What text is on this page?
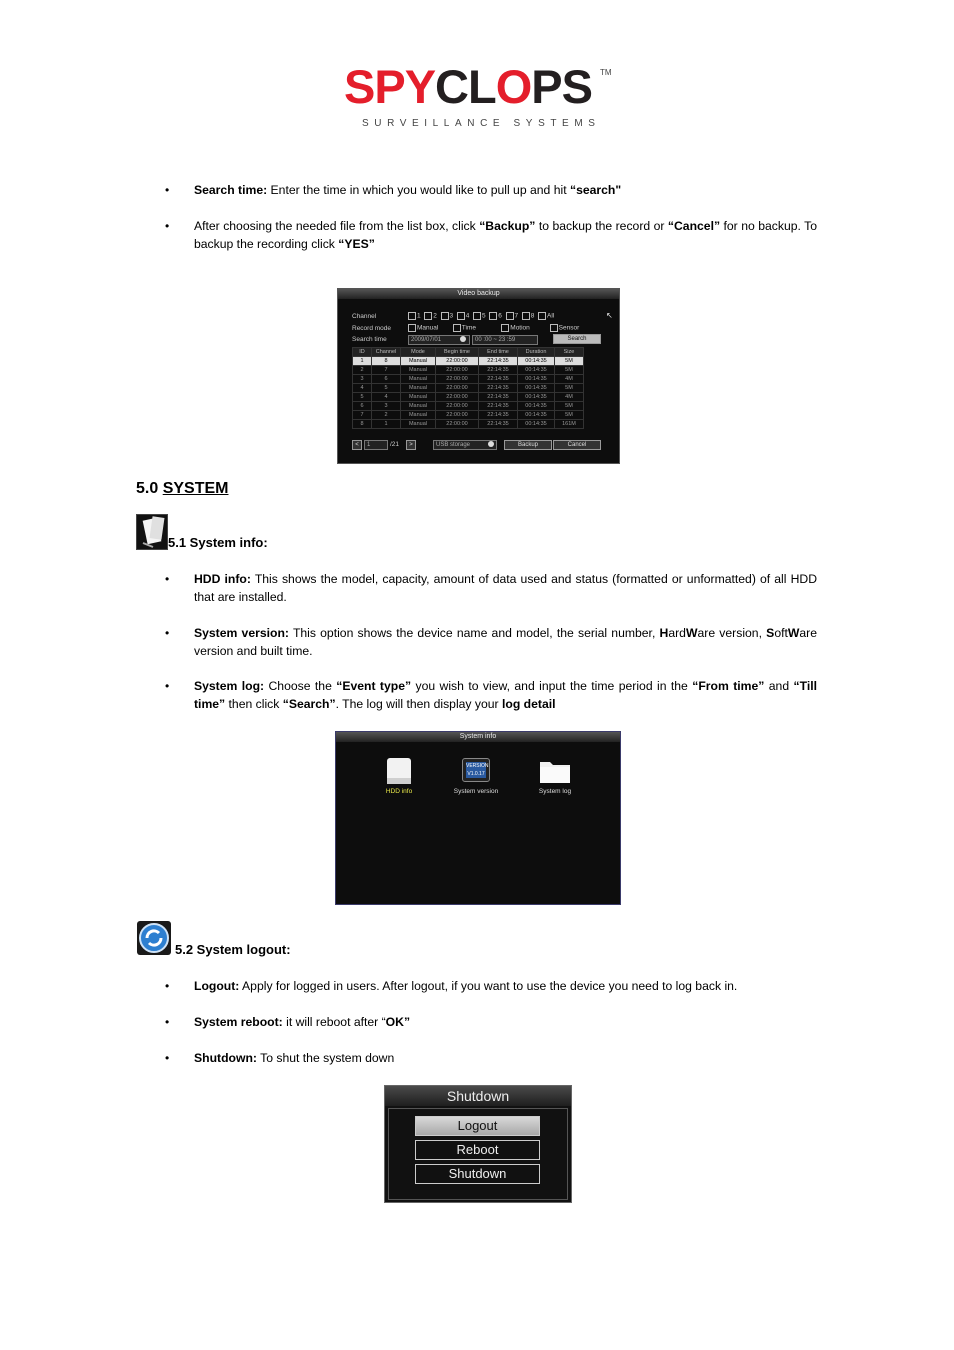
SPYCLOPS TM
SURVEILLANCE SYSTEMS
• Search time: Enter the time in which you would like to pull up and hit “search"
• After choosing the needed file from the list box, click “Backup” to backup the record or “Cancel” for no backup. To backup the recording click “YES”
Video backup
↖
Channel	1 2 3 4 5 6 7 8 All
Record mode	Manual	Time	Motion	Sensor
Search time	2009/07/01	00 :00 ~ 23 :59	Search
ID	Channel	Mode	Begin time	End time	Duration	Size
1	8	Manual	22:00:00	22:14:35	00:14:35	5M
2	7	Manual	22:00:00	22:14:35	00:14:35	5M
3	6	Manual	22:00:00	22:14:35	00:14:35	4M
4	5	Manual	22:00:00	22:14:35	00:14:35	5M
5	4	Manual	22:00:00	22:14:35	00:14:35	4M
6	3	Manual	22:00:00	22:14:35	00:14:35	5M
7	2	Manual	22:00:00	22:14:35	00:14:35	5M
8	1	Manual	22:00:00	22:14:35	00:14:35	161M
<	1	/21	>	USB storage	Backup	Cancel
5.0 SYSTEM
5.1 System info:
• HDD info: This shows the model, capacity, amount of data used and status (formatted or unformatted) of all HDD that are installed.
• System version: This option shows the device name and model, the serial number, HardWare version, SoftWare version and built time.
• System log: Choose the “Event type” you wish to view, and input the time period in the “From time” and “Till time” then click “Search”. The log will then display your log detail
System info
HDD info
VERSION
V1.0.17
System version	System log
5.2 System logout:
• Logout: Apply for logged in users. After logout, if you want to use the device you need to log back in.
• System reboot: it will reboot after “OK”
• Shutdown: To shut the system down
Shutdown
Logout
Reboot
Shutdown
